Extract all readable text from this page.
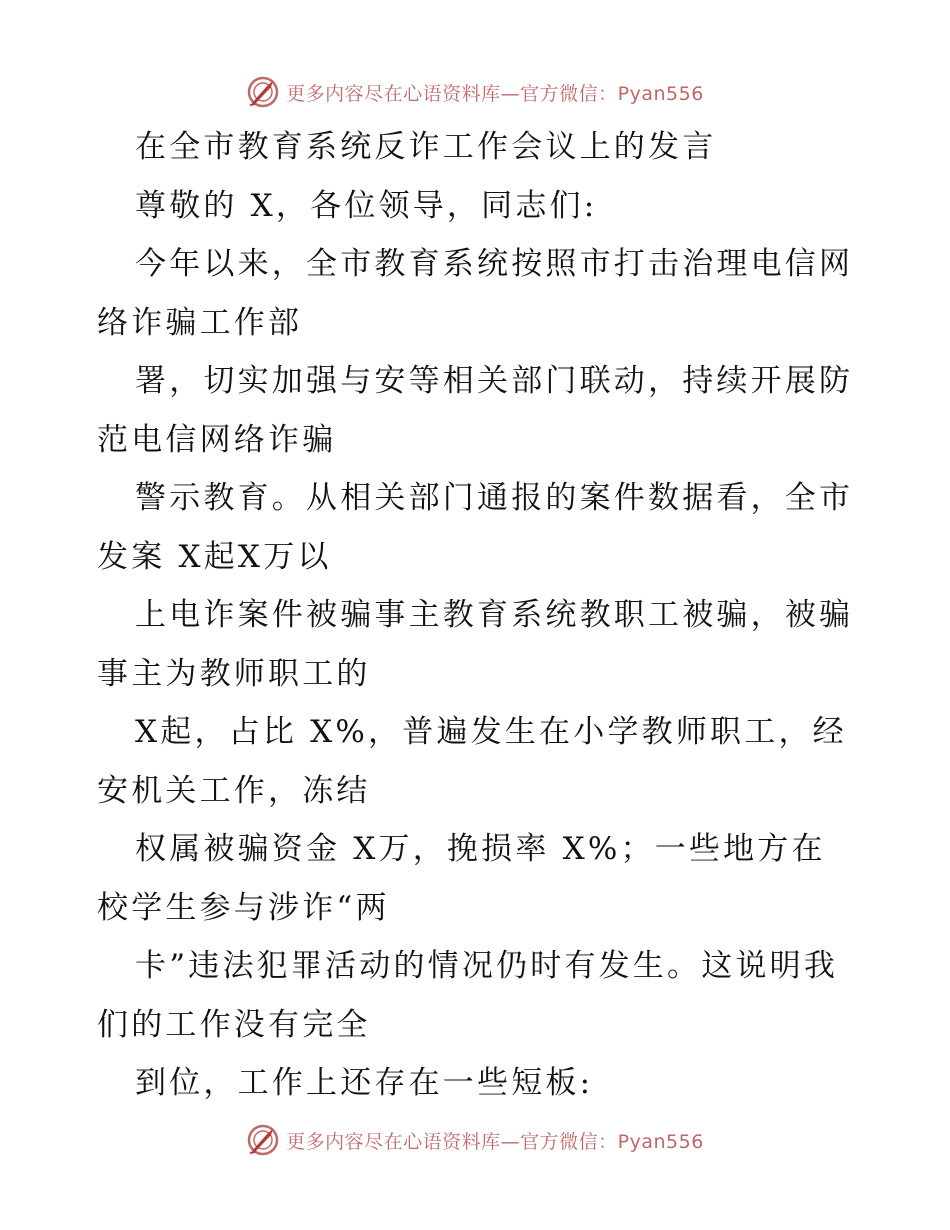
更多内容尽在心语资料库—官方微信：Pyan556
在全市教育系统反诈工作会议上的发言
尊敬的 X，各位领导，同志们:
今年以来，全市教育系统按照市打击治理电信网
络诈骗工作部
署，切实加强与安等相关部门联动，持续开展防
范电信网络诈骗
警示教育。从相关部门通报的案件数据看，全市
发案 X起X万以
上电诈案件被骗事主教育系统教职工被骗，被骗
事主为教师职工的
X起，占比 X%，普遍发生在小学教师职工，经
安机关工作，冻结
权属被骗资金 X万，挽损率 X%；一些地方在
校学生参与涉诈“两
卡”违法犯罪活动的情况仍时有发生。这说明我
们的工作没有完全
到位，工作上还存在一些短板:
更多内容尽在心语资料库—官方微信：Pyan556
